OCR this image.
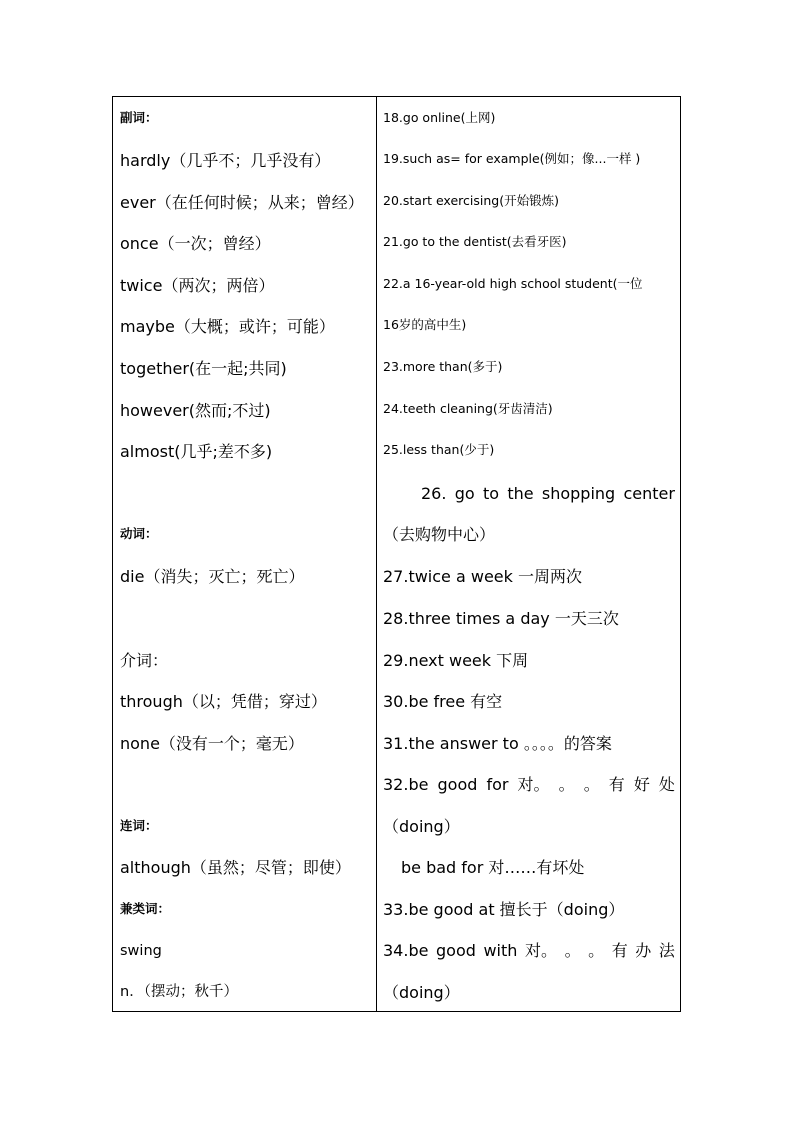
副词：
hardly（几乎不；几乎没有）
ever（在任何时候；从来；曾经）
once（一次；曾经）
twice（两次；两倍）
maybe（大概；或许；可能）
together(在一起;共同)
however(然而;不过)
almost(几乎;差不多)
动词：
die（消失；灭亡；死亡）
介词：
through（以；凭借；穿过）
none（没有一个；毫无）
连词：
although（虽然；尽管；即使）
兼类词：
swing
n．（摆动；秋千）
18.go online(上网)
19.such as= for example(例如；像...一样 )
20.start exercising(开始锻炼)
21.go to the dentist(去看牙医)
22.a 16-year-old high school student(一位
16岁的高中生)
23.more than(多于)
24.teeth cleaning(牙齿清洁)
25.less than(少于)
26. go to the shopping center
（去购物中心）
27.twice a week 一周两次
28.three times a day 一天三次
29.next week 下周
30.be free 有空
31.the answer to 。。。。的答案
32.be good for 对。 。 。 有 好 处
（doing）
be bad for 对……有坏处
33.be good at 擅长于（doing）
34.be good with 对。 。 。 有 办 法
（doing）
